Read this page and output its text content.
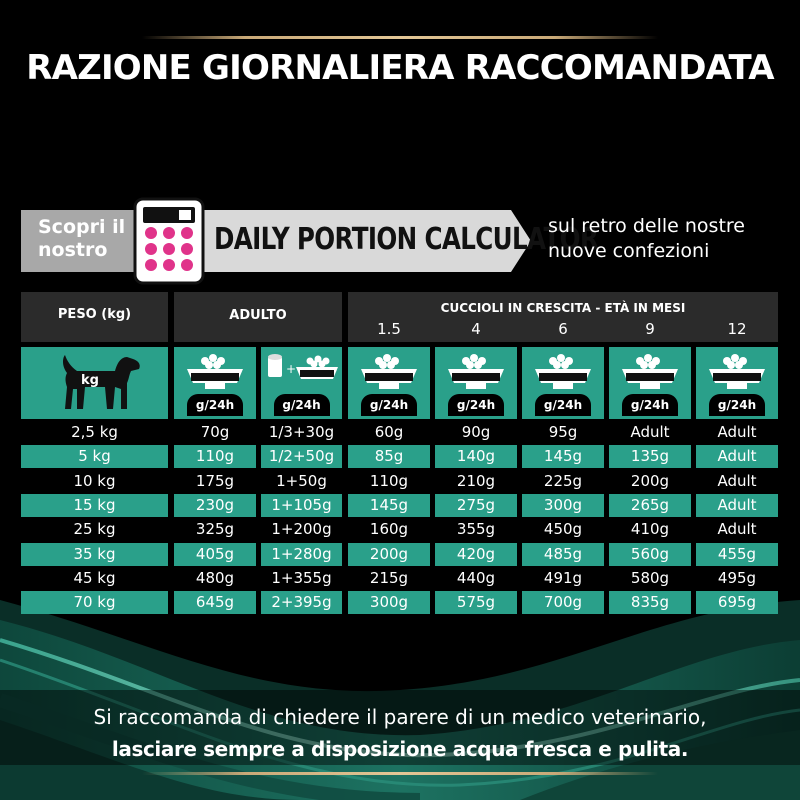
RAZIONE GIORNALIERA RACCOMANDATA
Scopri il nostro	DAILY PORTION CALCULATOR
sul retro delle nostre nuove confezioni
PESO (kg)	ADULTO	CUCCIOLI IN CRESCITA - ETÀ IN MESI
1.5	4	6	9	12
kg
g/24h
+
g/24h	g/24h	g/24h	g/24h	g/24h	g/24h
2,5 kg	70g	1/3+30g	60g	90g	95g	Adult	Adult
5 kg	110g	1/2+50g	85g	140g	145g	135g	Adult
10 kg	175g	1+50g	110g	210g	225g	200g	Adult
15 kg	230g	1+105g	145g	275g	300g	265g	Adult
25 kg	325g	1+200g	160g	355g	450g	410g	Adult
35 kg	405g	1+280g	200g	420g	485g	560g	455g
45 kg	480g	1+355g	215g	440g	491g	580g	495g
70 kg	645g	2+395g	300g	575g	700g	835g	695g
Si raccomanda di chiedere il parere di un medico veterinario,
lasciare sempre a disposizione acqua fresca e pulita.
